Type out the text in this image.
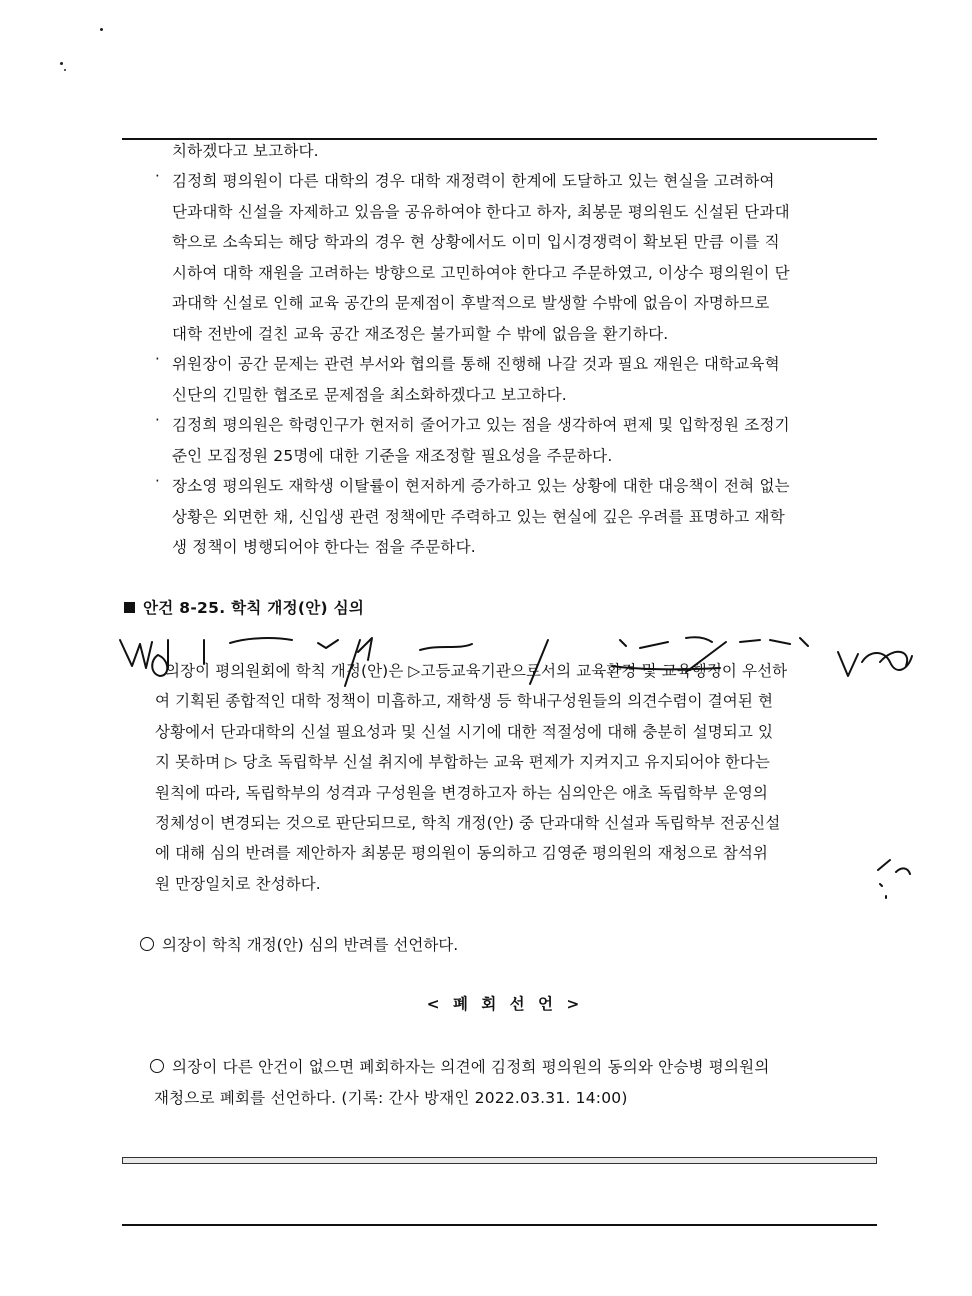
치하겠다고 보고하다.
· 김정희 평의원이 다른 대학의 경우 대학 재정력이 한계에 도달하고 있는 현실을 고려하여
단과대학 신설을 자제하고 있음을 공유하여야 한다고 하자, 최봉문 평의원도 신설된 단과대
학으로 소속되는 해당 학과의 경우 현 상황에서도 이미 입시경쟁력이 확보된 만큼 이를 직
시하여 대학 재원을 고려하는 방향으로 고민하여야 한다고 주문하였고, 이상수 평의원이 단
과대학 신설로 인해 교육 공간의 문제점이 후발적으로 발생할 수밖에 없음이 자명하므로
대학 전반에 걸친 교육 공간 재조정은 불가피할 수 밖에 없음을 환기하다.
· 위원장이 공간 문제는 관련 부서와 협의를 통해 진행해 나갈 것과 필요 재원은 대학교육혁
신단의 긴밀한 협조로 문제점을 최소화하겠다고 보고하다.
· 김정희 평의원은 학령인구가 현저히 줄어가고 있는 점을 생각하여 편제 및 입학정원 조정기
준인 모집정원 25명에 대한 기준을 재조정할 필요성을 주문하다.
· 장소영 평의원도 재학생 이탈률이 현저하게 증가하고 있는 상황에 대한 대응책이 전혀 없는
상황은 외면한 채, 신입생 관련 정책에만 주력하고 있는 현실에 깊은 우려를 표명하고 재학
생 정책이 병행되어야 한다는 점을 주문하다.
안건 8-25. 학칙 개정(안) 심의
의장이 평의원회에 학칙 개정(안)은 ▷고등교육기관으로서의 교육환경 및 교육행정이 우선하
여 기획된 종합적인 대학 정책이 미흡하고, 재학생 등 학내구성원들의 의견수렴이 결여된 현
상황에서 단과대학의 신설 필요성과 및 신설 시기에 대한 적절성에 대해 충분히 설명되고 있
지 못하며 ▷ 당초 독립학부 신설 취지에 부합하는 교육 편제가 지켜지고 유지되어야 한다는
원칙에 따라, 독립학부의 성격과 구성원을 변경하고자 하는 심의안은 애초 독립학부 운영의
정체성이 변경되는 것으로 판단되므로, 학칙 개정(안) 중 단과대학 신설과 독립학부 전공신설
에 대해 심의 반려를 제안하자 최봉문 평의원이 동의하고 김영준 평의원의 재청으로 참석위
원 만장일치로 찬성하다.
의장이 학칙 개정(안) 심의 반려를 선언하다.
< 폐 회 선 언 >
의장이 다른 안건이 없으면 폐회하자는 의견에 김정희 평의원의 동의와 안승병 평의원의
재청으로 폐회를 선언하다. (기록: 간사 방재인 2022.03.31. 14:00)
